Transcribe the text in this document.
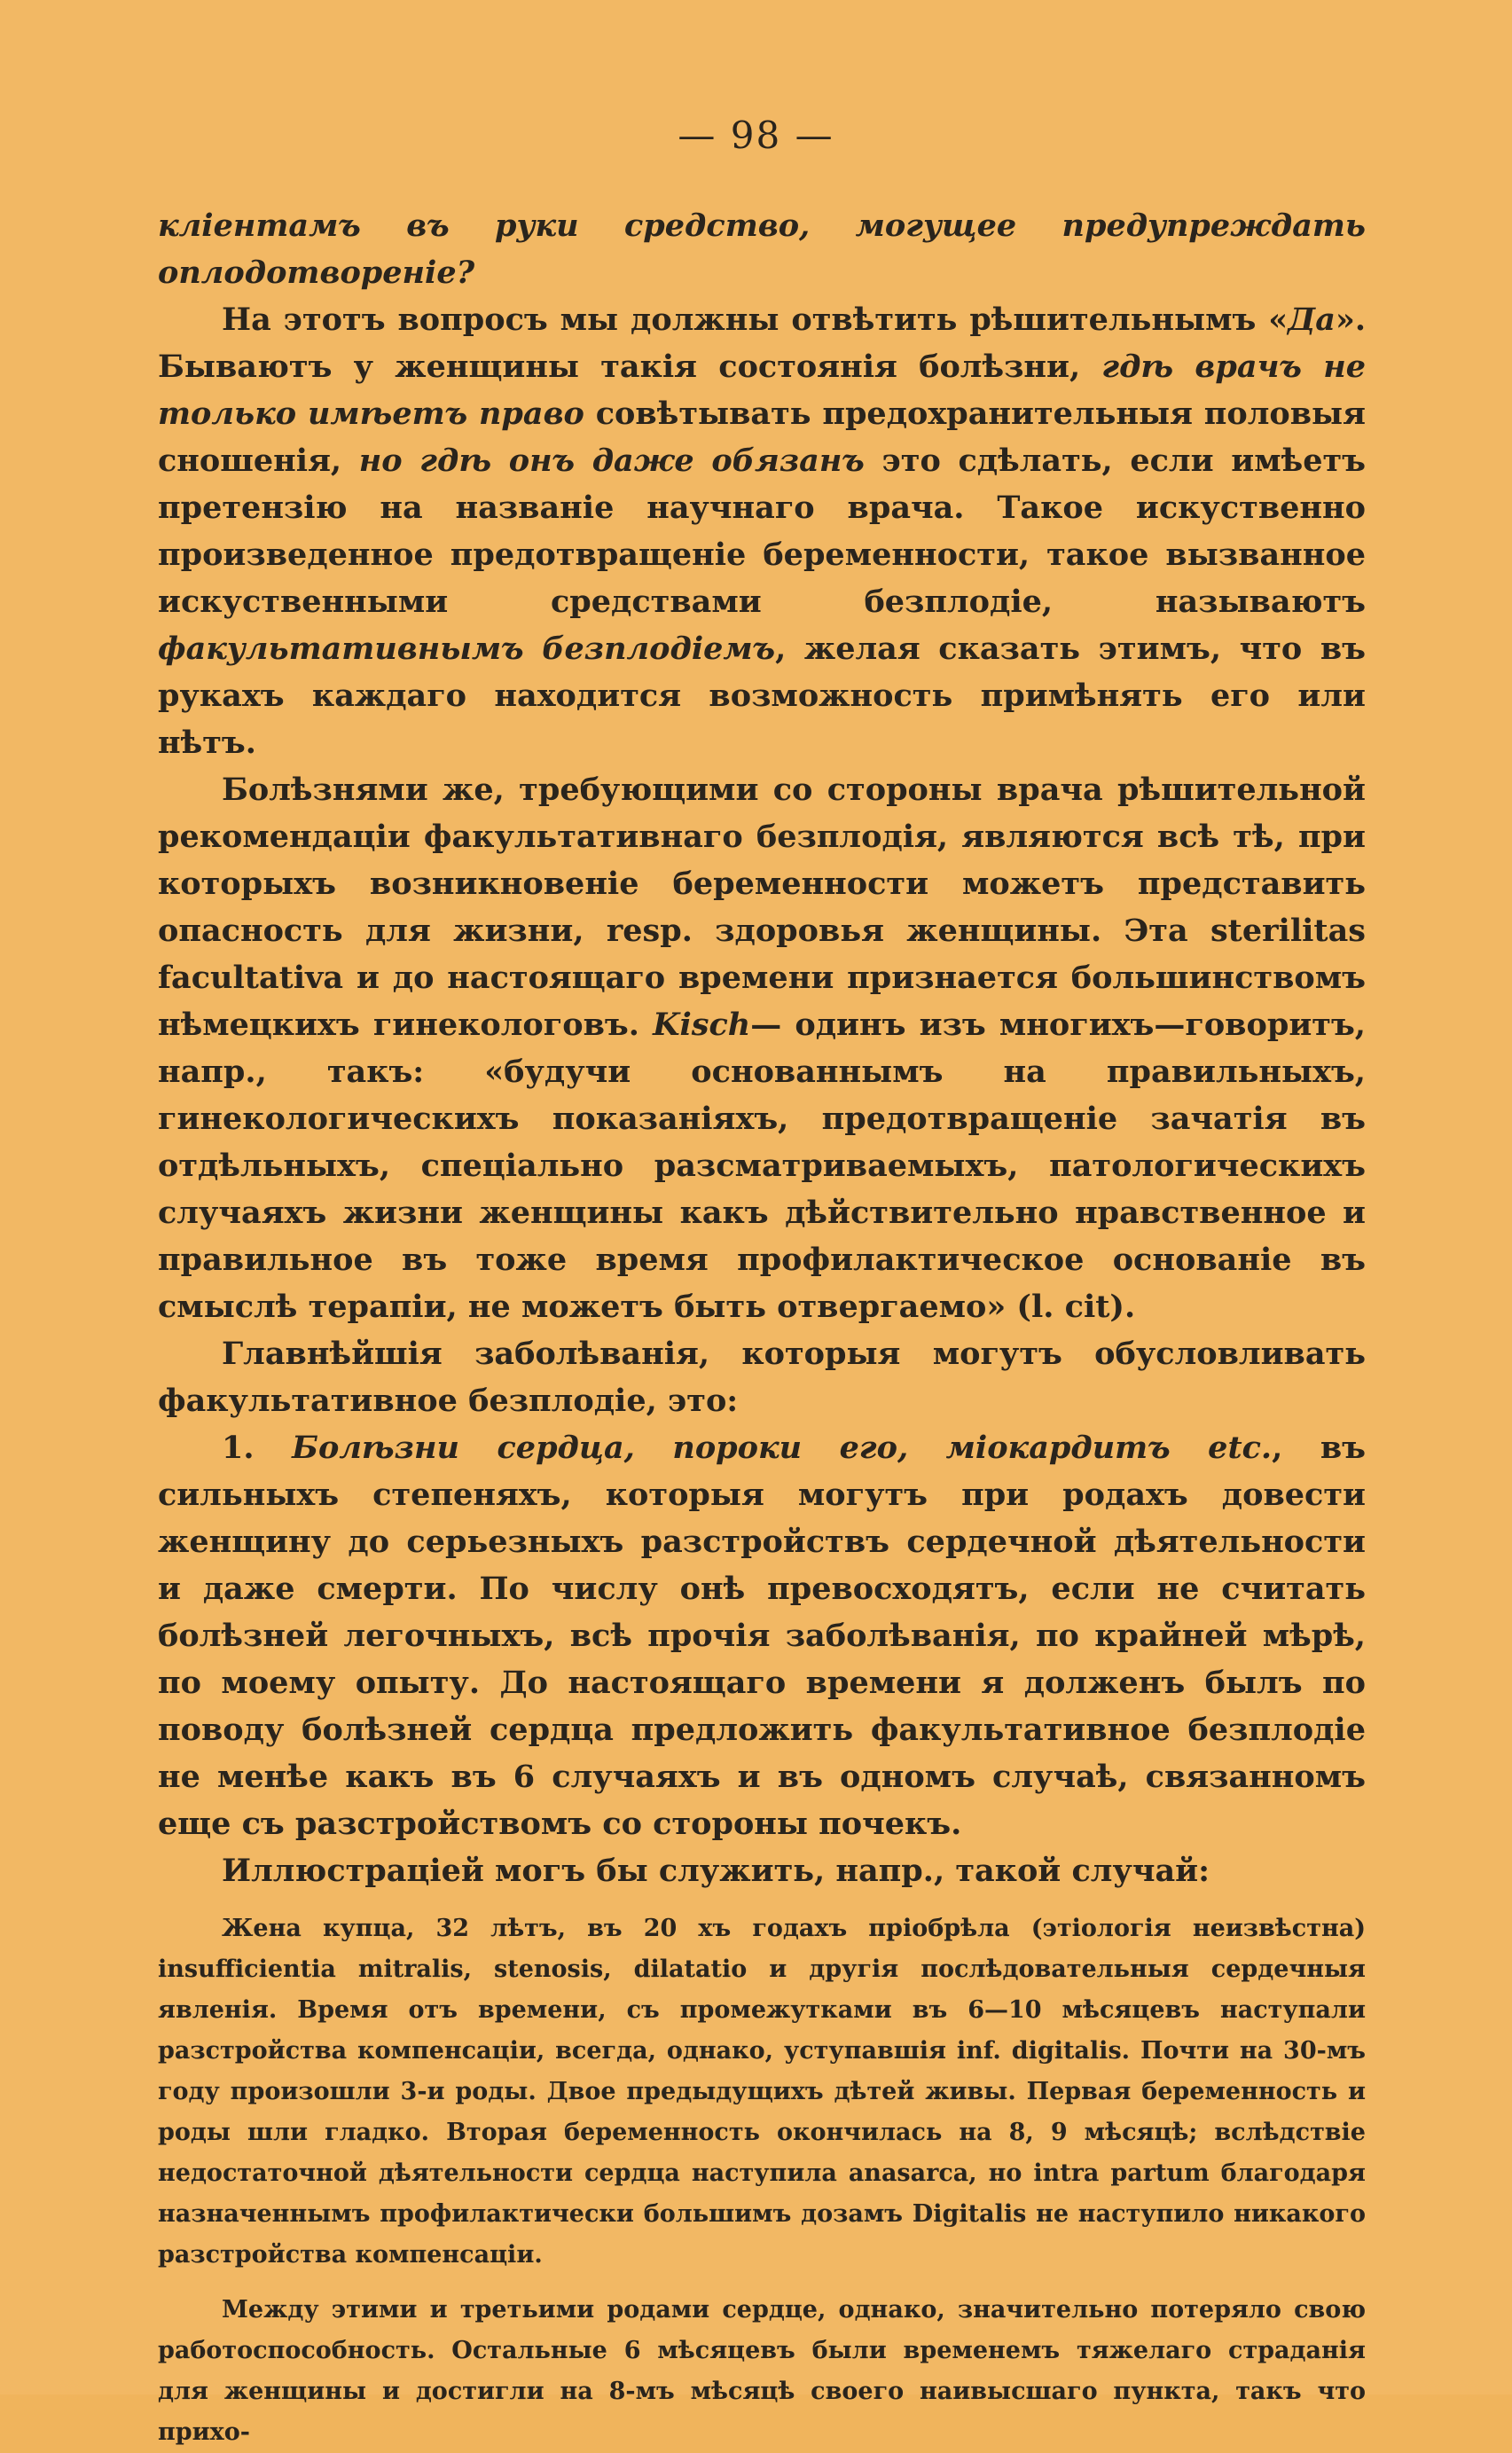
— 98 —

кліентамъ въ руки средство, могущее предупреждать оплодотвореніе?

На этотъ вопросъ мы должны отвѣтить рѣшительнымъ «Да». Бываютъ у женщины такія состоянія болѣзни, гдѣ врачъ не только имѣетъ право совѣтывать предохранительныя половыя сношенія, но гдѣ онъ даже обязанъ это сдѣлать, если имѣетъ претензію на названіе научнаго врача. Такое искуственно произведенное предотвращеніе беременности, такое вызванное искуственными средствами безплодіе, называютъ факультативнымъ безплодіемъ, желая сказать этимъ, что въ рукахъ каждаго находится возможность примѣнять его или нѣтъ.

Болѣзнями же, требующими со стороны врача рѣшительной рекомендаціи факультативнаго безплодія, являются всѣ тѣ, при которыхъ возникновеніе беременности можетъ представить опасность для жизни, resp. здоровья женщины. Эта sterilitas facultativa и до настоящаго времени признается большинствомъ нѣмецкихъ гинекологовъ. Kisch— одинъ изъ многихъ—говоритъ, напр., такъ: «будучи основаннымъ на правильныхъ, гинекологическихъ показаніяхъ, предотвращеніе зачатія въ отдѣльныхъ, спеціально разсматриваемыхъ, патологическихъ случаяхъ жизни женщины какъ дѣйствительно нравственное и правильное въ тоже время профилактическое основаніе въ смыслѣ терапіи, не можетъ быть отвергаемо» (l. cit).

Главнѣйшія заболѣванія, которыя могутъ обусловливать факультативное безплодіе, это:

1. Болѣзни сердца, пороки его, міокардитъ etc., въ сильныхъ степеняхъ, которыя могутъ при родахъ довести женщину до серьезныхъ разстройствъ сердечной дѣятельности и даже смерти. По числу онѣ превосходятъ, если не считать болѣзней легочныхъ, всѣ прочія заболѣванія, по крайней мѣрѣ, по моему опыту. До настоящаго времени я долженъ былъ по поводу болѣзней сердца предложить факультативное безплодіе не менѣе какъ въ 6 случаяхъ и въ одномъ случаѣ, связанномъ еще съ разстройствомъ со стороны почекъ.

Иллюстраціей могъ бы служить, напр., такой случай:

Жена купца, 32 лѣтъ, въ 20 хъ годахъ пріобрѣла (этіологія неизвѣстна) insufficientia mitralis, stenosis, dilatatio и другія послѣдовательныя сердечныя явленія. Время отъ времени, съ промежутками въ 6—10 мѣсяцевъ наступали разстройства компенсаціи, всегда, однако, уступавшія inf. digitalis. Почти на 30-мъ году произошли 3-и роды. Двое предыдущихъ дѣтей живы. Первая беременность и роды шли гладко. Вторая беременность окончилась на 8, 9 мѣсяцѣ; вслѣдствіе недостаточной дѣятельности сердца наступила anasarca, но intra partum благодаря назначеннымъ профилактически большимъ дозамъ Digitalis не наступило никакого разстройства компенсаціи.

Между этими и третьими родами сердце, однако, значительно потеряло свою работоспособность. Остальные 6 мѣсяцевъ были временемъ тяжелаго страданія для женщины и достигли на 8-мъ мѣсяцѣ своего наивысшаго пункта, такъ что прихо-
